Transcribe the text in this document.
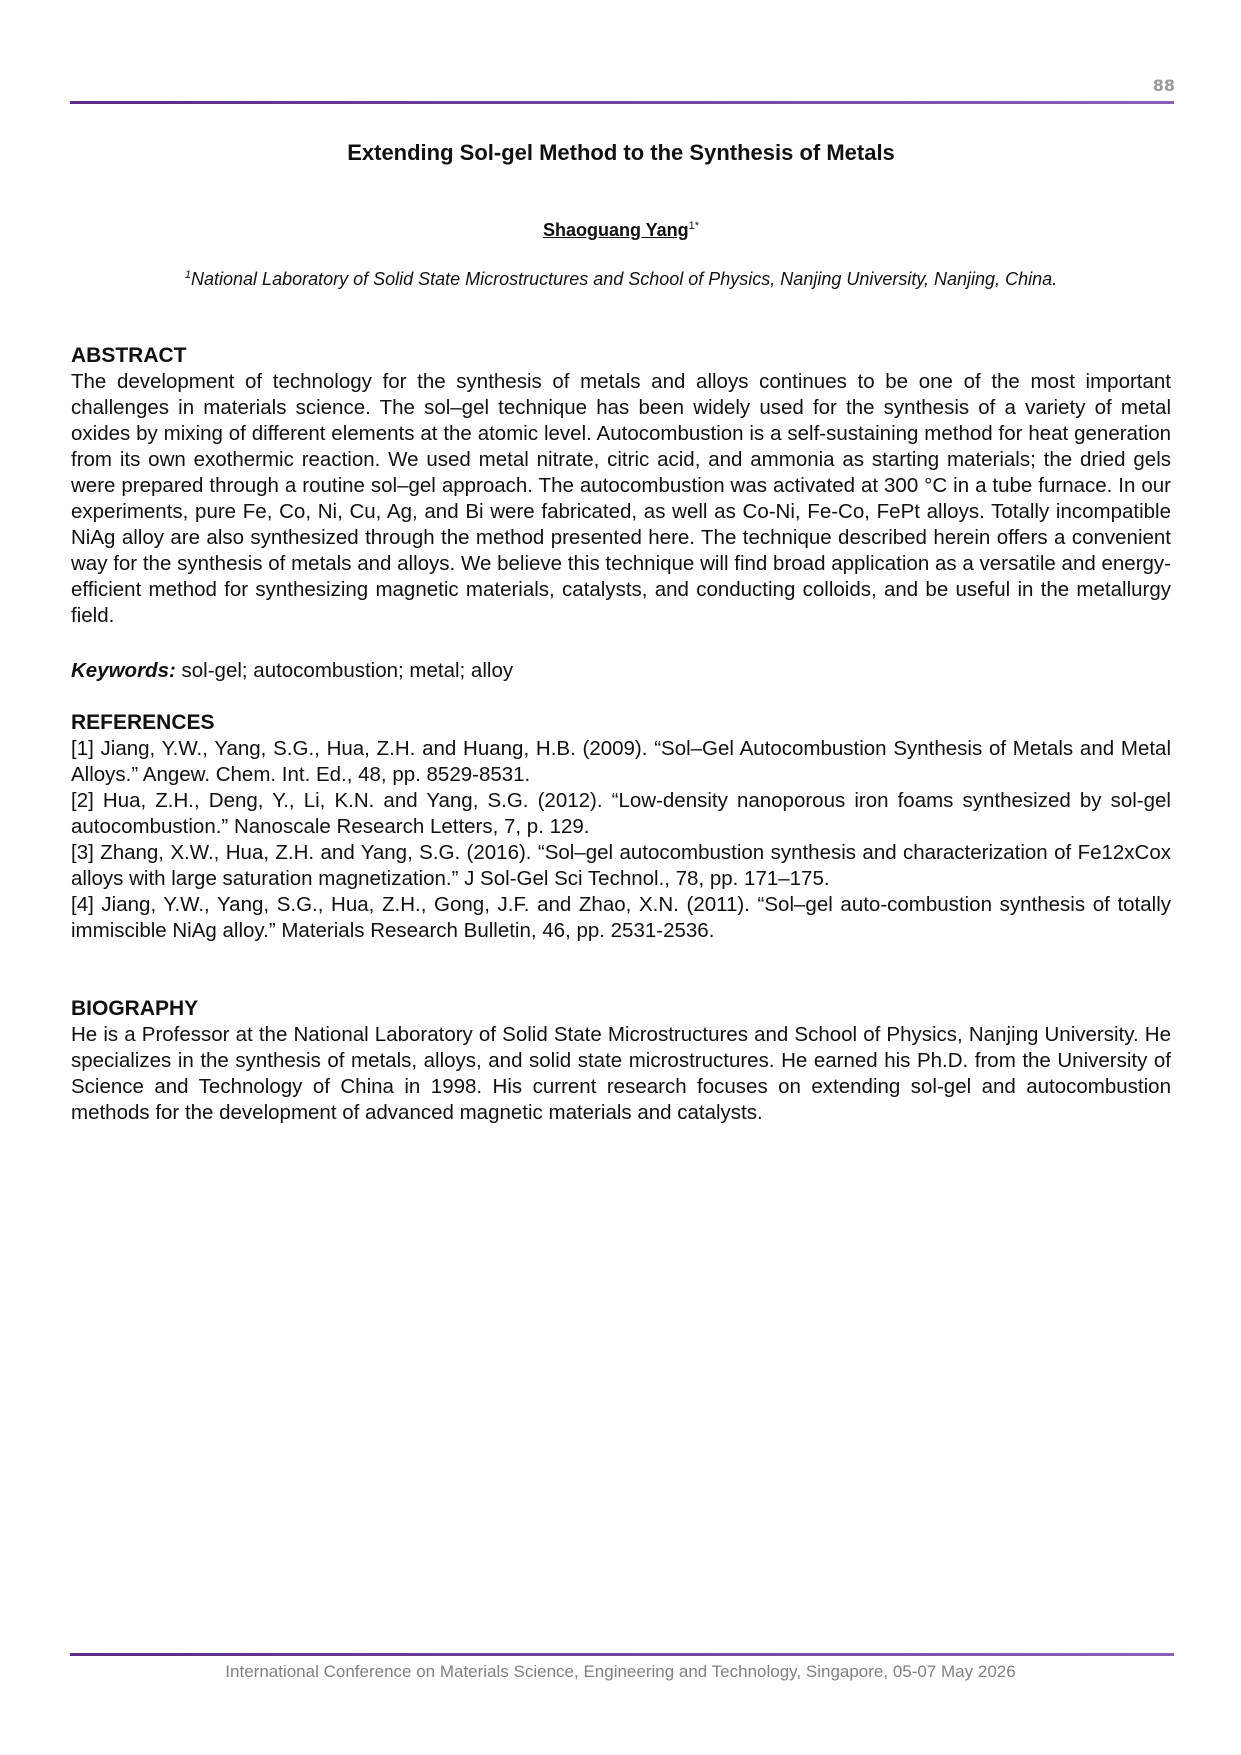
88
Extending Sol-gel Method to the Synthesis of Metals
Shaoguang Yang$^{1*}$
$^1$National Laboratory of Solid State Microstructures and School of Physics, Nanjing University, Nanjing, China.
ABSTRACT

The development of technology for the synthesis of metals and alloys continues to be one of the most important challenges in materials science. The sol–gel technique has been widely used for the synthesis of a variety of metal oxides by mixing of different elements at the atomic level. Autocombustion is a self-sustaining method for heat generation from its own exothermic reaction. We used metal nitrate, citric acid, and ammonia as starting materials; the dried gels were prepared through a routine sol–gel approach. The autocombustion was activated at 300 °C in a tube furnace. In our experiments, pure Fe, Co, Ni, Cu, Ag, and Bi were fabricated, as well as Co-Ni, Fe-Co, FePt alloys. Totally incompatible NiAg alloy are also synthesized through the method presented here. The technique described herein offers a convenient way for the synthesis of metals and alloys. We believe this technique will find broad application as a versatile and energy-efficient method for synthesizing magnetic materials, catalysts, and conducting colloids, and be useful in the metallurgy field.

Keywords: sol-gel; autocombustion; metal; alloy
REFERENCES

[1] Jiang, Y.W., Yang, S.G., Hua, Z.H. and Huang, H.B. (2009). “Sol–Gel Autocombustion Synthesis of Metals and Metal Alloys.” Angew. Chem. Int. Ed., 48, pp. 8529-8531.

[2] Hua, Z.H., Deng, Y., Li, K.N. and Yang, S.G. (2012). “Low-density nanoporous iron foams synthesized by sol-gel autocombustion.” Nanoscale Research Letters, 7, p. 129.

[3] Zhang, X.W., Hua, Z.H. and Yang, S.G. (2016). “Sol–gel autocombustion synthesis and characterization of Fe12xCox alloys with large saturation magnetization.” J Sol-Gel Sci Technol., 78, pp. 171–175.

[4] Jiang, Y.W., Yang, S.G., Hua, Z.H., Gong, J.F. and Zhao, X.N. (2011). “Sol–gel auto-combustion synthesis of totally immiscible NiAg alloy.” Materials Research Bulletin, 46, pp. 2531-2536.

BIOGRAPHY

He is a Professor at the National Laboratory of Solid State Microstructures and School of Physics, Nanjing University. He specializes in the synthesis of metals, alloys, and solid state microstructures. He earned his Ph.D. from the University of Science and Technology of China in 1998. His current research focuses on extending sol-gel and autocombustion methods for the development of advanced magnetic materials and catalysts.

International Conference on Materials Science, Engineering and Technology, Singapore, 05-07 May 2026
